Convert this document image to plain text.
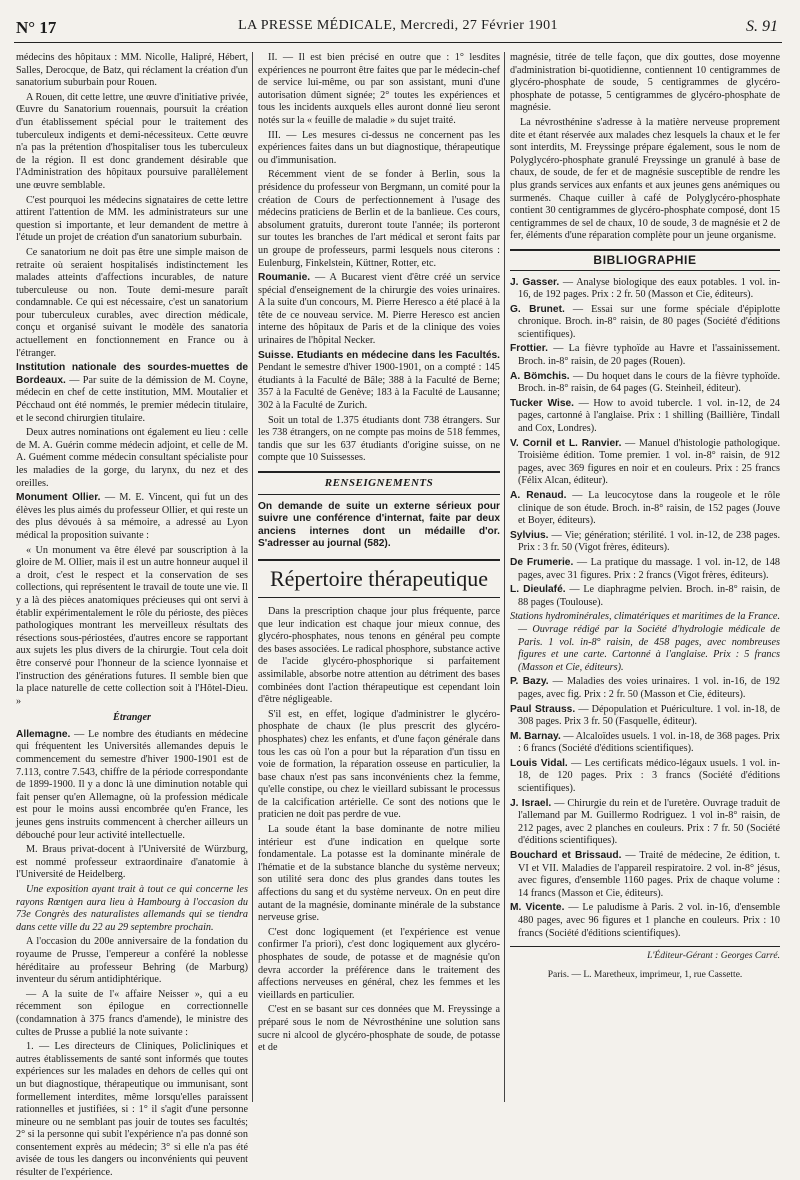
N° 17	LA PRESSE MÉDICALE, Mercredi, 27 Février 1901	S. 91

médecins des hôpitaux : MM. Nicolle, Halipré, Hébert, Salles, Derocque, de Batz, qui réclament la création d'un sanatorium suburbain pour Rouen.

A Rouen, dit cette lettre, une œuvre d'initiative privée, Œuvre du Sanatorium rouennais, poursuit la création d'un établissement spécial pour le traitement des tuberculeux indigents et demi-nécessiteux. Cette œuvre n'a pas la prétention d'hospitaliser tous les tuberculeux de la région. Il est donc grandement désirable que l'Administration des hôpitaux poursuive parallèlement une œuvre semblable.

C'est pourquoi les médecins signataires de cette lettre attirent l'attention de MM. les administrateurs sur une question si importante, et leur demandent de mettre à l'étude un projet de création d'un sanatorium suburbain.

Ce sanatorium ne doit pas être une simple maison de retraite où seraient hospitalisés indistinctement les malades atteints d'affections incurables, de nature tuberculeuse ou non. Toute demi-mesure paraît condamnable. Ce qui est nécessaire, c'est un sanatorium pour tuberculeux curables, avec direction médicale, conçu et organisé suivant le modèle des sanatoria actuellement en fonctionnement en France ou à l'étranger.

Institution nationale des sourdes-muettes de Bordeaux. — Par suite de la démission de M. Coyne, médecin en chef de cette institution, MM. Moutalier et Pécchaud ont été nommés, le premier médecin titulaire, et le second chirurgien titulaire.

Deux autres nominations ont également eu lieu : celle de M. A. Guérin comme médecin adjoint, et celle de M. A. Guément comme médecin consultant spécialiste pour les maladies de la gorge, du larynx, du nez et des oreilles.

Monument Ollier. — M. E. Vincent, qui fut un des élèves les plus aimés du professeur Ollier, et qui reste un des plus dévoués à sa mémoire, a adressé au Lyon médical la proposition suivante :

« Un monument va être élevé par souscription à la gloire de M. Ollier, mais il est un autre honneur auquel il a droit, c'est le respect et la conservation de ses collections, qui représentent le travail de toute une vie. Il y a là des pièces anatomiques précieuses qui ont servi à établir expérimentalement le rôle du périoste, des pièces pathologiques montrant les merveilleux résultats des résections sous-périostées, d'autres encore se rapportant aux sujets les plus divers de la chirurgie. Tout cela doit être conservé pour l'honneur de la science lyonnaise et l'instruction des générations futures. Il semble bien que la place naturelle de cette collection soit à l'Hôtel-Dieu. »

Étranger

Allemagne. — Le nombre des étudiants en médecine qui fréquentent les Universités allemandes depuis le commencement du semestre d'hiver 1900-1901 est de 7.113, contre 7.543, chiffre de la période correspondante de 1899-1900. Il y a donc là une diminution notable qui fait penser qu'en Allemagne, où la profession médicale est pour le moins aussi encombrée qu'en France, les jeunes gens instruits commencent à chercher ailleurs un débouché pour leur activité intellectuelle.

M. Braus privat-docent à l'Université de Würzburg, est nommé professeur extraordinaire d'anatomie à l'Université de Heidelberg.

Une exposition ayant trait à tout ce qui concerne les rayons Rœntgen aura lieu à Hambourg à l'occasion du 73e Congrès des naturalistes allemands qui se tiendra dans cette ville du 22 au 29 septembre prochain.

A l'occasion du 200e anniversaire de la fondation du royaume de Prusse, l'empereur a conféré la noblesse héréditaire au professeur Behring (de Marburg) inventeur du sérum antidiphtérique.

— A la suite de l'« affaire Neisser », qui a eu récemment son épilogue en correctionnelle (condamnation à 375 francs d'amende), le ministre des cultes de Prusse a publié la note suivante :

1. — Les directeurs de Cliniques, Policliniques et autres établissements de santé sont informés que toutes expériences sur les malades en dehors de celles qui ont un but diagnostique, thérapeutique ou immunisant, sont formellement interdites, même lorsqu'elles paraissent rationnelles et justifiées, si : 1° il s'agit d'une personne mineure ou ne semblant pas jouir de toutes ses facultés; 2° si la personne qui subit l'expérience n'a pas donné son consentement exprès au médecin; 3° si elle n'a pas été avisée de tous les dangers ou inconvénients qui peuvent résulter de l'expérience.

II. — Il est bien précisé en outre que : 1° lesdites expériences ne pourront être faites que par le médecin-chef de service lui-même, ou par son assistant, muni d'une autorisation dûment signée; 2° toutes les expériences et tous les incidents auxquels elles auront donné lieu seront notés sur la « feuille de maladie » du sujet traité.

III. — Les mesures ci-dessus ne concernent pas les expériences faites dans un but diagnostique, thérapeutique ou d'immunisation.

Récemment vient de se fonder à Berlin, sous la présidence du professeur von Bergmann, un comité pour la création de Cours de perfectionnement à l'usage des médecins praticiens de Berlin et de la banlieue. Ces cours, absolument gratuits, dureront toute l'année; ils porteront sur toutes les branches de l'art médical et seront faits par un groupe de professeurs, parmi lesquels nous citerons : Eulenburg, Finkelstein, Küttner, Rotter, etc.

Roumanie. — A Bucarest vient d'être créé un service spécial d'enseignement de la chirurgie des voies urinaires. A la suite d'un concours, M. Pierre Heresco a été placé à la tête de ce nouveau service. M. Pierre Heresco est ancien interne des hôpitaux de Paris et de la clinique des voies urinaires de l'hôpital Necker.

Suisse. Etudiants en médecine dans les Facultés. Pendant le semestre d'hiver 1900-1901, on a compté : 145 étudiants à la Faculté de Bâle; 388 à la Faculté de Berne; 357 à la Faculté de Genève; 183 à la Faculté de Lausanne; 302 à la Faculté de Zurich.

Soit un total de 1.375 étudiants dont 738 étrangers. Sur les 738 étrangers, on ne compte pas moins de 518 femmes, tandis que sur les 637 étudiants d'origine suisse, on ne compte que 10 Suissesses.

RENSEIGNEMENTS

On demande de suite un externe sérieux pour suivre une conférence d'internat, faite par deux anciens internes dont un médaille d'or. S'adresser au journal (582).

Répertoire thérapeutique

Dans la prescription chaque jour plus fréquente, parce que leur indication est chaque jour mieux connue, des glycéro-phosphates, nous tenons en général peu compte des bases associées. Le radical phosphore, substance active de l'acide glycéro-phosphorique si parfaitement assimilable, absorbe notre attention au détriment des bases combinées dont l'action thérapeutique est cependant loin d'être négligeable.

S'il est, en effet, logique d'administrer le glycéro-phosphate de chaux (le plus prescrit des glycéro-phosphates) chez les enfants, et d'une façon générale dans tous les cas où l'on a pour but la réparation d'un tissu en voie de formation, la réparation osseuse en particulier, la base chaux n'est pas sans inconvénients chez la femme, qu'elle constipe, ou chez le vieillard subissant le processus de la calcification artérielle. Ce sont des notions que le praticien ne doit pas perdre de vue.

La soude étant la base dominante de notre milieu intérieur est d'une indication en quelque sorte fondamentale. La potasse est la dominante minérale de l'hématie et de la substance blanche du système nerveux; son utilité sera donc des plus grandes dans toutes les affections du sang et du système nerveux. On en peut dire autant de la magnésie, dominante minérale de la substance nerveuse grise.

C'est donc logiquement (et l'expérience est venue confirmer l'a priori), c'est donc logiquement aux glycéro-phosphates de soude, de potasse et de magnésie qu'on devra accorder la préférence dans le traitement des affections nerveuses en général, chez les femmes et les vieillards en particulier.

C'est en se basant sur ces données que M. Freyssinge a préparé sous le nom de Névrosthénine une solution sans sucre ni alcool de glycéro-phosphate de soude, de potasse et de

magnésie, titrée de telle façon, que dix gouttes, dose moyenne d'administration bi-quotidienne, contiennent 10 centigrammes de glycéro-phosphate de soude, 5 centigrammes de glycéro-phosphate de potasse, 5 centigrammes de glycéro-phosphate de magnésie.

La névrosthénine s'adresse à la matière nerveuse proprement dite et étant réservée aux malades chez lesquels la chaux et le fer sont interdits, M. Freyssinge prépare également, sous le nom de Polyglycéro-phosphate granulé Freyssinge un granulé à base de chaux, de soude, de fer et de magnésie susceptible de rendre les plus grands services aux enfants et aux jeunes gens anémiques ou surmenés. Chaque cuiller à café de Polyglycéro-phosphate contient 30 centigrammes de glycéro-phosphate composé, dont 15 centigrammes de sel de chaux, 10 de soude, 3 de magnésie et 2 de fer, éléments d'une réparation complète pour un jeune organisme.

BIBLIOGRAPHIE

J. Gasser. — Analyse biologique des eaux potables. 1 vol. in-16, de 192 pages. Prix : 2 fr. 50 (Masson et Cie, éditeurs).

G. Brunet. — Essai sur une forme spéciale d'épiplotte chronique. Broch. in-8° raisin, de 80 pages (Société d'éditions scientifiques).

Frottier. — La fièvre typhoïde au Havre et l'assainissement. Broch. in-8° raisin, de 20 pages (Rouen).

A. Bömchis. — Du hoquet dans le cours de la fièvre typhoïde. Broch. in-8° raisin, de 64 pages (G. Steinheil, éditeur).

Tucker Wise. — How to avoid tubercle. 1 vol. in-12, de 24 pages, cartonné à l'anglaise. Prix : 1 shilling (Baillière, Tindall and Cox, Londres).

V. Cornil et L. Ranvier. — Manuel d'histologie pathologique. Troisième édition. Tome premier. 1 vol. in-8° raisin, de 912 pages, avec 369 figures en noir et en couleurs. Prix : 25 francs (Félix Alcan, éditeur).

A. Renaud. — La leucocytose dans la rougeole et le rôle clinique de son étude. Broch. in-8° raisin, de 152 pages (Jouve et Boyer, éditeurs).

Sylvius. — Vie; génération; stérilité. 1 vol. in-12, de 238 pages. Prix : 3 fr. 50 (Vigot frères, éditeurs).

De Frumerie. — La pratique du massage. 1 vol. in-12, de 148 pages, avec 31 figures. Prix : 2 francs (Vigot frères, éditeurs).

L. Dieulafé. — Le diaphragme pelvien. Broch. in-8° raisin, de 88 pages (Toulouse).

Stations hydrominérales, climatériques et maritimes de la France. — Ouvrage rédigé par la Société d'hydrologie médicale de Paris. 1 vol. in-8° raisin, de 458 pages, avec nombreuses figures et une carte. Cartonné à l'anglaise. Prix : 5 francs (Masson et Cie, éditeurs).

P. Bazy. — Maladies des voies urinaires. 1 vol. in-16, de 192 pages, avec fig. Prix : 2 fr. 50 (Masson et Cie, éditeurs).

Paul Strauss. — Dépopulation et Puériculture. 1 vol. in-18, de 308 pages. Prix 3 fr. 50 (Fasquelle, éditeur).

M. Barnay. — Alcaloïdes usuels. 1 vol. in-18, de 368 pages. Prix : 6 francs (Société d'éditions scientifiques).

Louis Vidal. — Les certificats médico-légaux usuels. 1 vol. in-18, de 120 pages. Prix : 3 francs (Société d'éditions scientifiques).

J. Israel. — Chirurgie du rein et de l'uretère. Ouvrage traduit de l'allemand par M. Guillermo Rodriguez. 1 vol in-8° raisin, de 212 pages, avec 2 planches en couleurs. Prix : 7 fr. 50 (Société d'éditions scientifiques).

Bouchard et Brissaud. — Traité de médecine, 2e édition, t. VI et VII. Maladies de l'appareil respiratoire. 2 vol. in-8° jésus, avec figures, d'ensemble 1160 pages. Prix de chaque volume : 14 francs (Masson et Cie, éditeurs).

M. Vicente. — Le paludisme à Paris. 2 vol. in-16, d'ensemble 480 pages, avec 96 figures et 1 planche en couleurs. Prix : 10 francs (Société d'éditions scientifiques).

L'Éditeur-Gérant : Georges Carré.
Paris. — L. Maretheux, imprimeur, 1, rue Cassette.
